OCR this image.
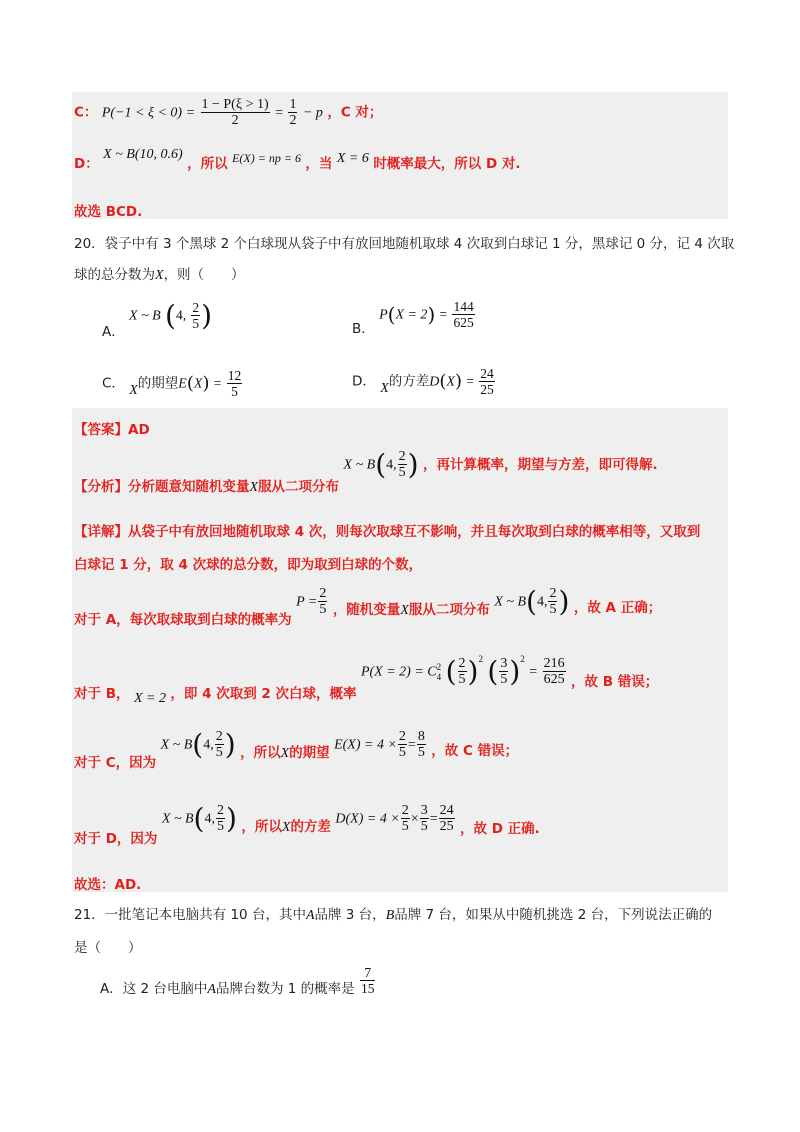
C： $P(-1 < \xi < 0) = \frac{1 - P(\xi > 1)}{2} = \frac{1}{2} - p$ ，C 对；
D： X ~ B(10, 0.6) ，所以 E(X) = np = 6 ，当 X = 6 时概率最大，所以 D 对.
故选 BCD.
20．袋子中有 3 个黑球 2 个白球现从袋子中有放回地随机取球 4 次取到白球记 1 分，黑球记 0 分，记 4 次取
球的总分数为X，则（　　）
A． X ~ B (4, $\frac{2}{5}$ )	B． $P(X = 2) = \frac{144}{625}$
C． X的期望$E(X) = \frac{12}{5}$	D． X的方差$D(X) = \frac{24}{25}$
【答案】AD
【分析】分析题意知随机变量X服从二项分布 X ~ B(4, $\frac{2}{5}$ ) ，再计算概率，期望与方差，即可得解.
【详解】从袋子中有放回地随机取球 4 次，则每次取球互不影响，并且每次取到白球的概率相等，又取到
白球记 1 分，取 4 次球的总分数，即为取到白球的个数，
对于 A，每次取球取到白球的概率为 $P = \frac{2}{5}$ ，随机变量X服从二项分布 X ~ B(4, $\frac{2}{5}$ ) ，故 A 正确；
对于 B， X = 2 ，即 4 次取到 2 次白球，概率 P(X = 2) = C 2
4 ( $\frac{2}{5} )^2$ ( $\frac{3}{5} )^2 = \frac{216}{625}$ ，故 B 错误；
对于 C，因为 X ~ B(4, $\frac{2}{5}$ ) ，所以X的期望 $E(X) = 4 \times \frac{2}{5} = \frac{8}{5}$ ，故 C 错误；
对于 D，因为 X ~ B(4, $\frac{2}{5}$ ) ，所以X的方差 $D(X) = 4 \times \frac{2}{5} \times \frac{3}{5} = \frac{24}{25}$ ，故 D 正确.
故选：AD.
21．一批笔记本电脑共有 10 台，其中A品牌 3 台，B品牌 7 台，如果从中随机挑选 2 台，下列说法正确的
是（　　）
A．这 2 台电脑中A品牌台数为 1 的概率是 $\frac{7}{15}$
